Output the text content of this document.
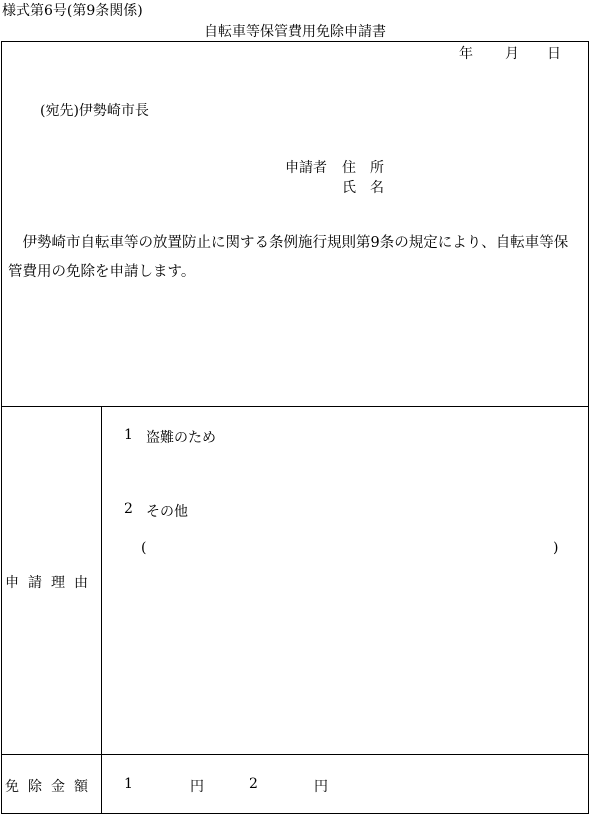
様式第6号(第9条関係)
自転車等保管費用免除申請書
年 月 日
(宛先)伊勢崎市長
申請者 住　所
氏　名
伊勢崎市自転車等の放置防止に関する条例施行規則第9条の規定により、自転車等保管費用の免除を申請します。
申請理由
1 盗難のため
2 その他
(	)
免除金額 1	円	2	円
